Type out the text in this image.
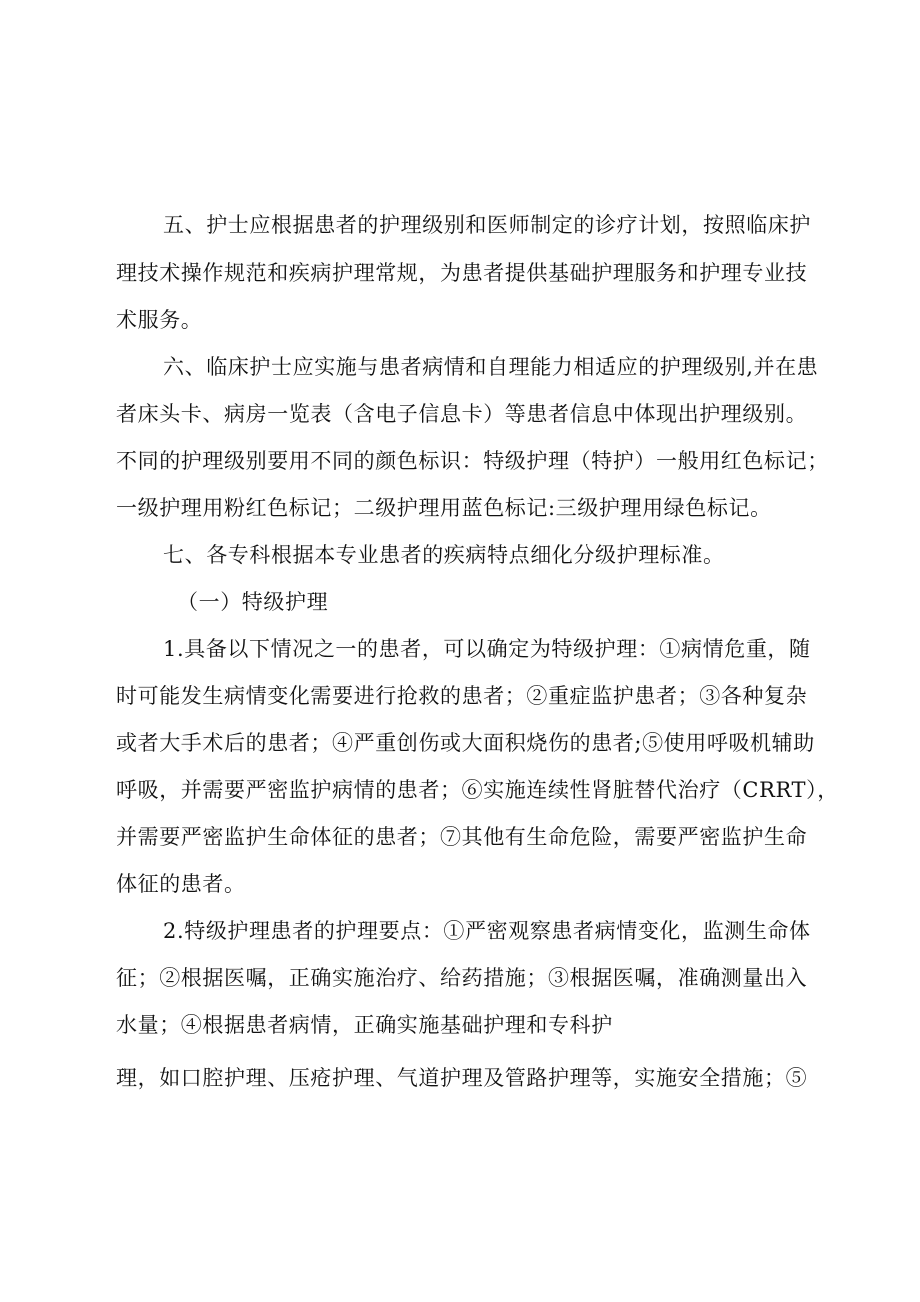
五、护士应根据患者的护理级别和医师制定的诊疗计划，按照临床护

理技术操作规范和疾病护理常规，为患者提供基础护理服务和护理专业技

术服务。

六、临床护士应实施与患者病情和自理能力相适应的护理级别,并在患

者床头卡、病房一览表（含电子信息卡）等患者信息中体现出护理级别。

不同的护理级别要用不同的颜色标识：特级护理（特护）一般用红色标记；

一级护理用粉红色标记；二级护理用蓝色标记:三级护理用绿色标记。

七、各专科根据本专业患者的疾病特点细化分级护理标准。

（一）特级护理

1.具备以下情况之一的患者，可以确定为特级护理：①病情危重，随

时可能发生病情变化需要进行抢救的患者；②重症监护患者；③各种复杂

或者大手术后的患者；④严重创伤或大面积烧伤的患者;⑤使用呼吸机辅助

呼吸，并需要严密监护病情的患者；⑥实施连续性肾脏替代治疗（CRRT），

并需要严密监护生命体征的患者；⑦其他有生命危险，需要严密监护生命

体征的患者。

2.特级护理患者的护理要点：①严密观察患者病情变化，监测生命体

征；②根据医嘱，正确实施治疗、给药措施；③根据医嘱，准确测量出入

水量；④根据患者病情，正确实施基础护理和专科护

理，如口腔护理、压疮护理、气道护理及管路护理等，实施安全措施；⑤
